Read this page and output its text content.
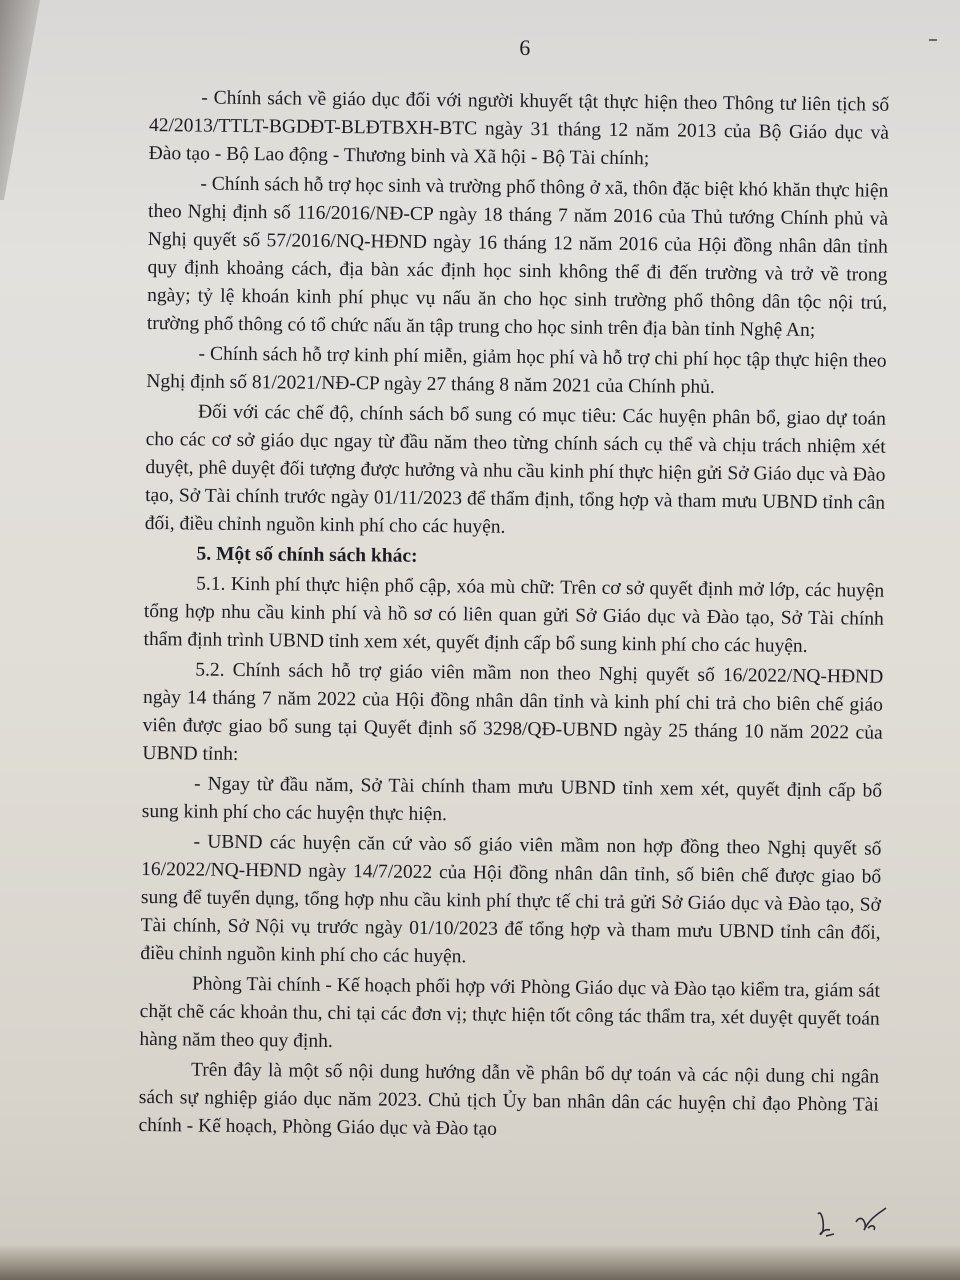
6

- Chính sách về giáo dục đối với người khuyết tật thực hiện theo Thông tư liên tịch số 42/2013/TTLT-BGDĐT-BLĐTBXH-BTC ngày 31 tháng 12 năm 2013 của Bộ Giáo dục và Đào tạo - Bộ Lao động - Thương binh và Xã hội - Bộ Tài chính;

- Chính sách hỗ trợ học sinh và trường phổ thông ở xã, thôn đặc biệt khó khăn thực hiện theo Nghị định số 116/2016/NĐ-CP ngày 18 tháng 7 năm 2016 của Thủ tướng Chính phủ và Nghị quyết số 57/2016/NQ-HĐND ngày 16 tháng 12 năm 2016 của Hội đồng nhân dân tỉnh quy định khoảng cách, địa bàn xác định học sinh không thể đi đến trường và trở về trong ngày; tỷ lệ khoán kinh phí phục vụ nấu ăn cho học sinh trường phổ thông dân tộc nội trú, trường phổ thông có tổ chức nấu ăn tập trung cho học sinh trên địa bàn tỉnh Nghệ An;

- Chính sách hỗ trợ kinh phí miễn, giảm học phí và hỗ trợ chi phí học tập thực hiện theo Nghị định số 81/2021/NĐ-CP ngày 27 tháng 8 năm 2021 của Chính phủ.

Đối với các chế độ, chính sách bổ sung có mục tiêu: Các huyện phân bổ, giao dự toán cho các cơ sở giáo dục ngay từ đầu năm theo từng chính sách cụ thể và chịu trách nhiệm xét duyệt, phê duyệt đối tượng được hưởng và nhu cầu kinh phí thực hiện gửi Sở Giáo dục và Đào tạo, Sở Tài chính trước ngày 01/11/2023 để thẩm định, tổng hợp và tham mưu UBND tỉnh cân đối, điều chỉnh nguồn kinh phí cho các huyện.

5. Một số chính sách khác:

5.1. Kinh phí thực hiện phổ cập, xóa mù chữ: Trên cơ sở quyết định mở lớp, các huyện tổng hợp nhu cầu kinh phí và hồ sơ có liên quan gửi Sở Giáo dục và Đào tạo, Sở Tài chính thẩm định trình UBND tỉnh xem xét, quyết định cấp bổ sung kinh phí cho các huyện.

5.2. Chính sách hỗ trợ giáo viên mầm non theo Nghị quyết số 16/2022/NQ-HĐND ngày 14 tháng 7 năm 2022 của Hội đồng nhân dân tỉnh và kinh phí chi trả cho biên chế giáo viên được giao bổ sung tại Quyết định số 3298/QĐ-UBND ngày 25 tháng 10 năm 2022 của UBND tỉnh:

- Ngay từ đầu năm, Sở Tài chính tham mưu UBND tỉnh xem xét, quyết định cấp bổ sung kinh phí cho các huyện thực hiện.

- UBND các huyện căn cứ vào số giáo viên mầm non hợp đồng theo Nghị quyết số 16/2022/NQ-HĐND ngày 14/7/2022 của Hội đồng nhân dân tỉnh, số biên chế được giao bổ sung để tuyển dụng, tổng hợp nhu cầu kinh phí thực tế chi trả gửi Sở Giáo dục và Đào tạo, Sở Tài chính, Sở Nội vụ trước ngày 01/10/2023 để tổng hợp và tham mưu UBND tỉnh cân đối, điều chỉnh nguồn kinh phí cho các huyện.

Phòng Tài chính - Kế hoạch phối hợp với Phòng Giáo dục và Đào tạo kiểm tra, giám sát chặt chẽ các khoản thu, chi tại các đơn vị; thực hiện tốt công tác thẩm tra, xét duyệt quyết toán hàng năm theo quy định.

Trên đây là một số nội dung hướng dẫn về phân bổ dự toán và các nội dung chi ngân sách sự nghiệp giáo dục năm 2023. Chủ tịch Ủy ban nhân dân các huyện chỉ đạo Phòng Tài chính - Kế hoạch, Phòng Giáo dục và Đào tạo
